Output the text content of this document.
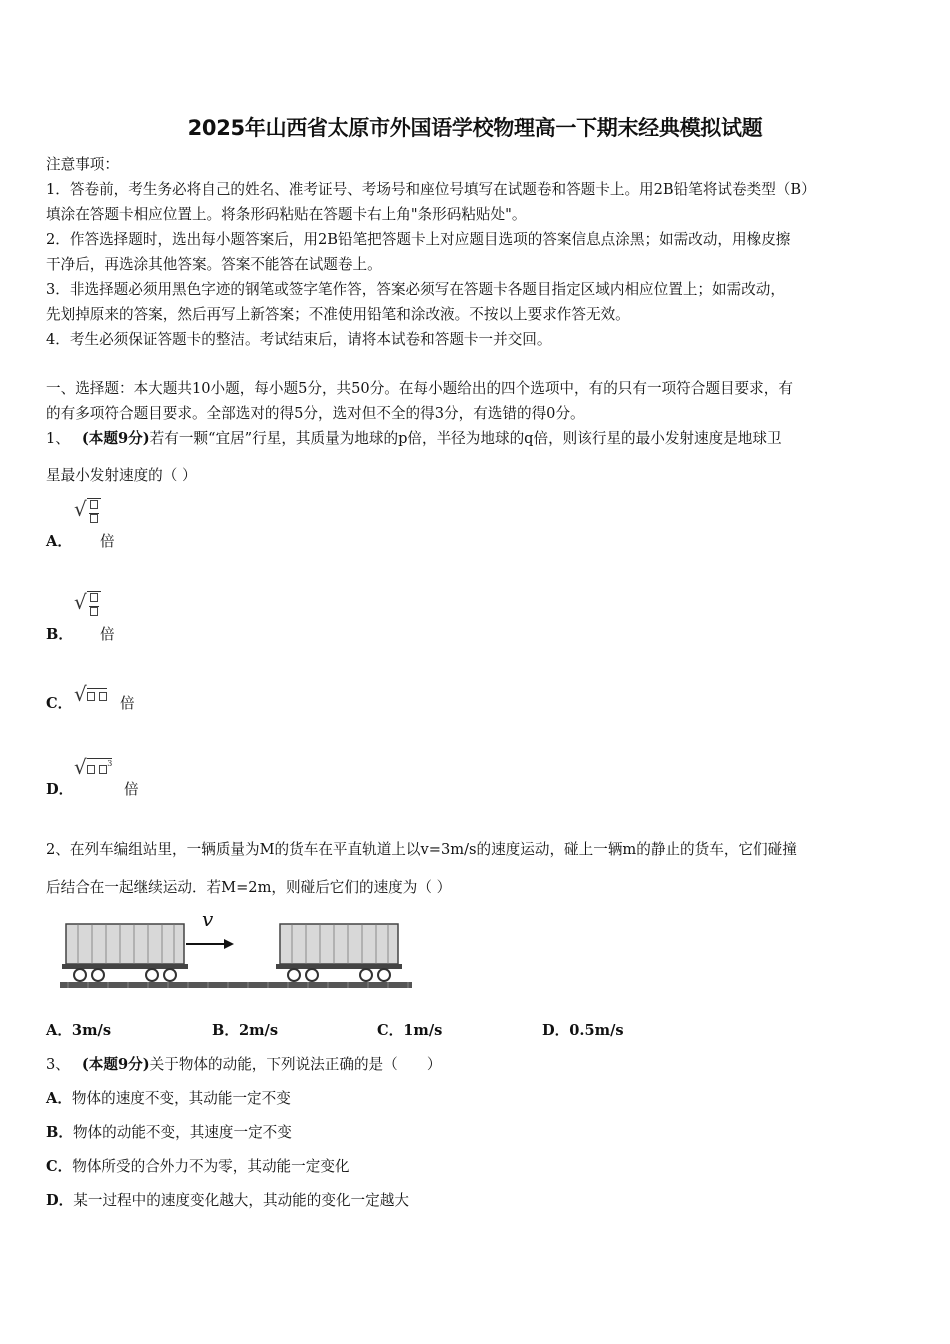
2025年山西省太原市外国语学校物理高一下期末经典模拟试题
注意事项：
1．答卷前，考生务必将自己的姓名、准考证号、考场号和座位号填写在试题卷和答题卡上。用2B铅笔将试卷类型（B）
填涂在答题卡相应位置上。将条形码粘贴在答题卡右上角"条形码粘贴处"。
2．作答选择题时，选出每小题答案后，用2B铅笔把答题卡上对应题目选项的答案信息点涂黑；如需改动，用橡皮擦
干净后，再选涂其他答案。答案不能答在试题卷上。
3．非选择题必须用黑色字迹的钢笔或签字笔作答，答案必须写在答题卡各题目指定区域内相应位置上；如需改动，
先划掉原来的答案，然后再写上新答案；不准使用铅笔和涂改液。不按以上要求作答无效。
4．考生必须保证答题卡的整洁。考试结束后，请将本试卷和答题卡一并交回。
一、选择题：本大题共10小题，每小题5分，共50分。在每小题给出的四个选项中，有的只有一项符合题目要求，有
的有多项符合题目要求。全部选对的得5分，选对但不全的得3分，有选错的得0分。
1、 (本题9分)若有一颗“宜居”行星，其质量为地球的p倍，半径为地球的q倍，则该行星的最小发射速度是地球卫
星最小发射速度的（ ）
A．
√

倍
B．
√

倍
C． √	倍
D．
√	$^3$
倍
2、在列车编组站里，一辆质量为M的货车在平直轨道上以v=3m/s的速度运动，碰上一辆m的静止的货车，它们碰撞
后结合在一起继续运动．若M=2m，则碰后它们的速度为（ ）
v
A．3m/s	B．2m/s	C．1m/s	D．0.5m/s
3、 (本题9分)关于物体的动能，下列说法正确的是（　　）
A．物体的速度不变，其动能一定不变
B．物体的动能不变，其速度一定不变
C．物体所受的合外力不为零，其动能一定变化
D．某一过程中的速度变化越大，其动能的变化一定越大
